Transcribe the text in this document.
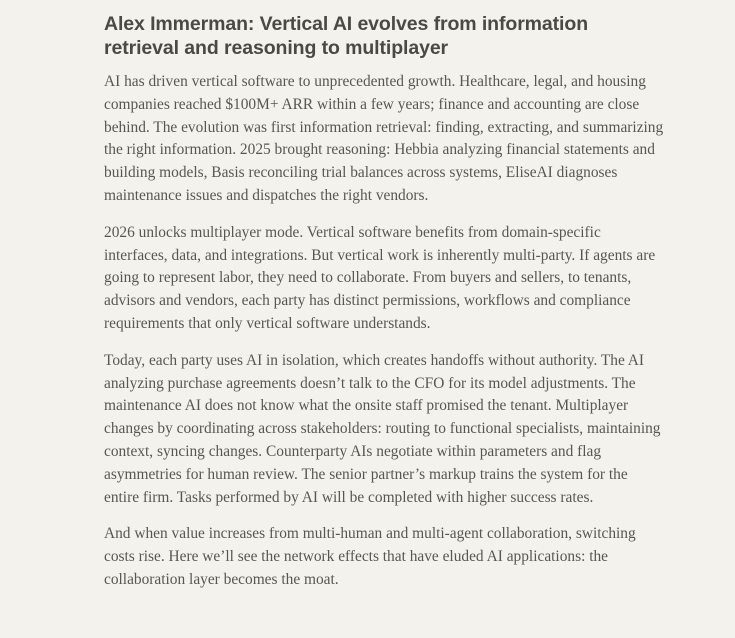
Alex Immerman: Vertical AI evolves from information retrieval and reasoning to multiplayer

AI has driven vertical software to unprecedented growth. Healthcare, legal, and housing companies reached $100M+ ARR within a few years; finance and accounting are close behind. The evolution was first information retrieval: finding, extracting, and summarizing the right information. 2025 brought reasoning: Hebbia analyzing financial statements and building models, Basis reconciling trial balances across systems, EliseAI diagnoses maintenance issues and dispatches the right vendors.

2026 unlocks multiplayer mode. Vertical software benefits from domain-specific interfaces, data, and integrations. But vertical work is inherently multi-party. If agents are going to represent labor, they need to collaborate. From buyers and sellers, to tenants, advisors and vendors, each party has distinct permissions, workflows and compliance requirements that only vertical software understands.

Today, each party uses AI in isolation, which creates handoffs without authority. The AI analyzing purchase agreements doesn’t talk to the CFO for its model adjustments. The maintenance AI does not know what the onsite staff promised the tenant. Multiplayer changes by coordinating across stakeholders: routing to functional specialists, maintaining context, syncing changes. Counterparty AIs negotiate within parameters and flag asymmetries for human review. The senior partner’s markup trains the system for the entire firm. Tasks performed by AI will be completed with higher success rates.

And when value increases from multi-human and multi-agent collaboration, switching costs rise. Here we’ll see the network effects that have eluded AI applications: the collaboration layer becomes the moat.
